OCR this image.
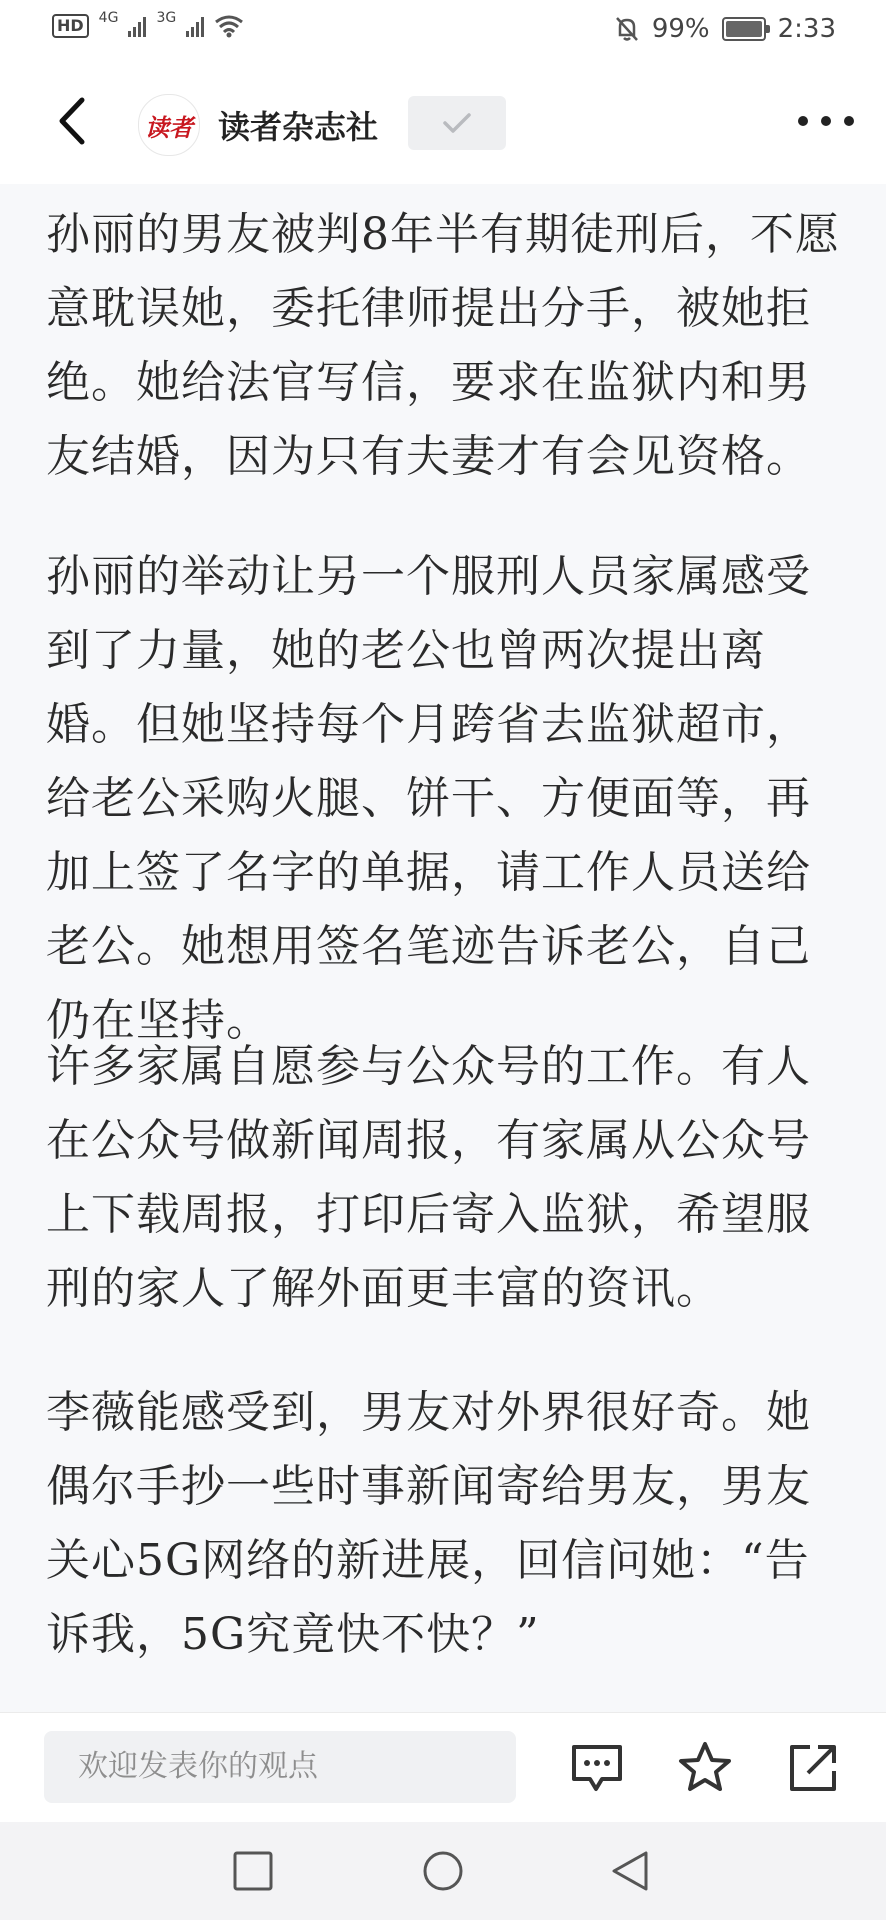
HD	4G	3G	99%	2:33
读者 读者杂志社

孙丽的男友被判8年半有期徒刑后，不愿意耽误她，委托律师提出分手，被她拒绝。她给法官写信，要求在监狱内和男友结婚，因为只有夫妻才有会见资格。

孙丽的举动让另一个服刑人员家属感受到了力量，她的老公也曾两次提出离婚。但她坚持每个月跨省去监狱超市，给老公采购火腿、饼干、方便面等，再加上签了名字的单据，请工作人员送给老公。她想用签名笔迹告诉老公，自己仍在坚持。

许多家属自愿参与公众号的工作。有人在公众号做新闻周报，有家属从公众号上下载周报，打印后寄入监狱，希望服刑的家人了解外面更丰富的资讯。

李薇能感受到，男友对外界很好奇。她偶尔手抄一些时事新闻寄给男友，男友关心5G网络的新进展，回信问她：“告诉我，5G究竟快不快？”

欢迎发表你的观点
